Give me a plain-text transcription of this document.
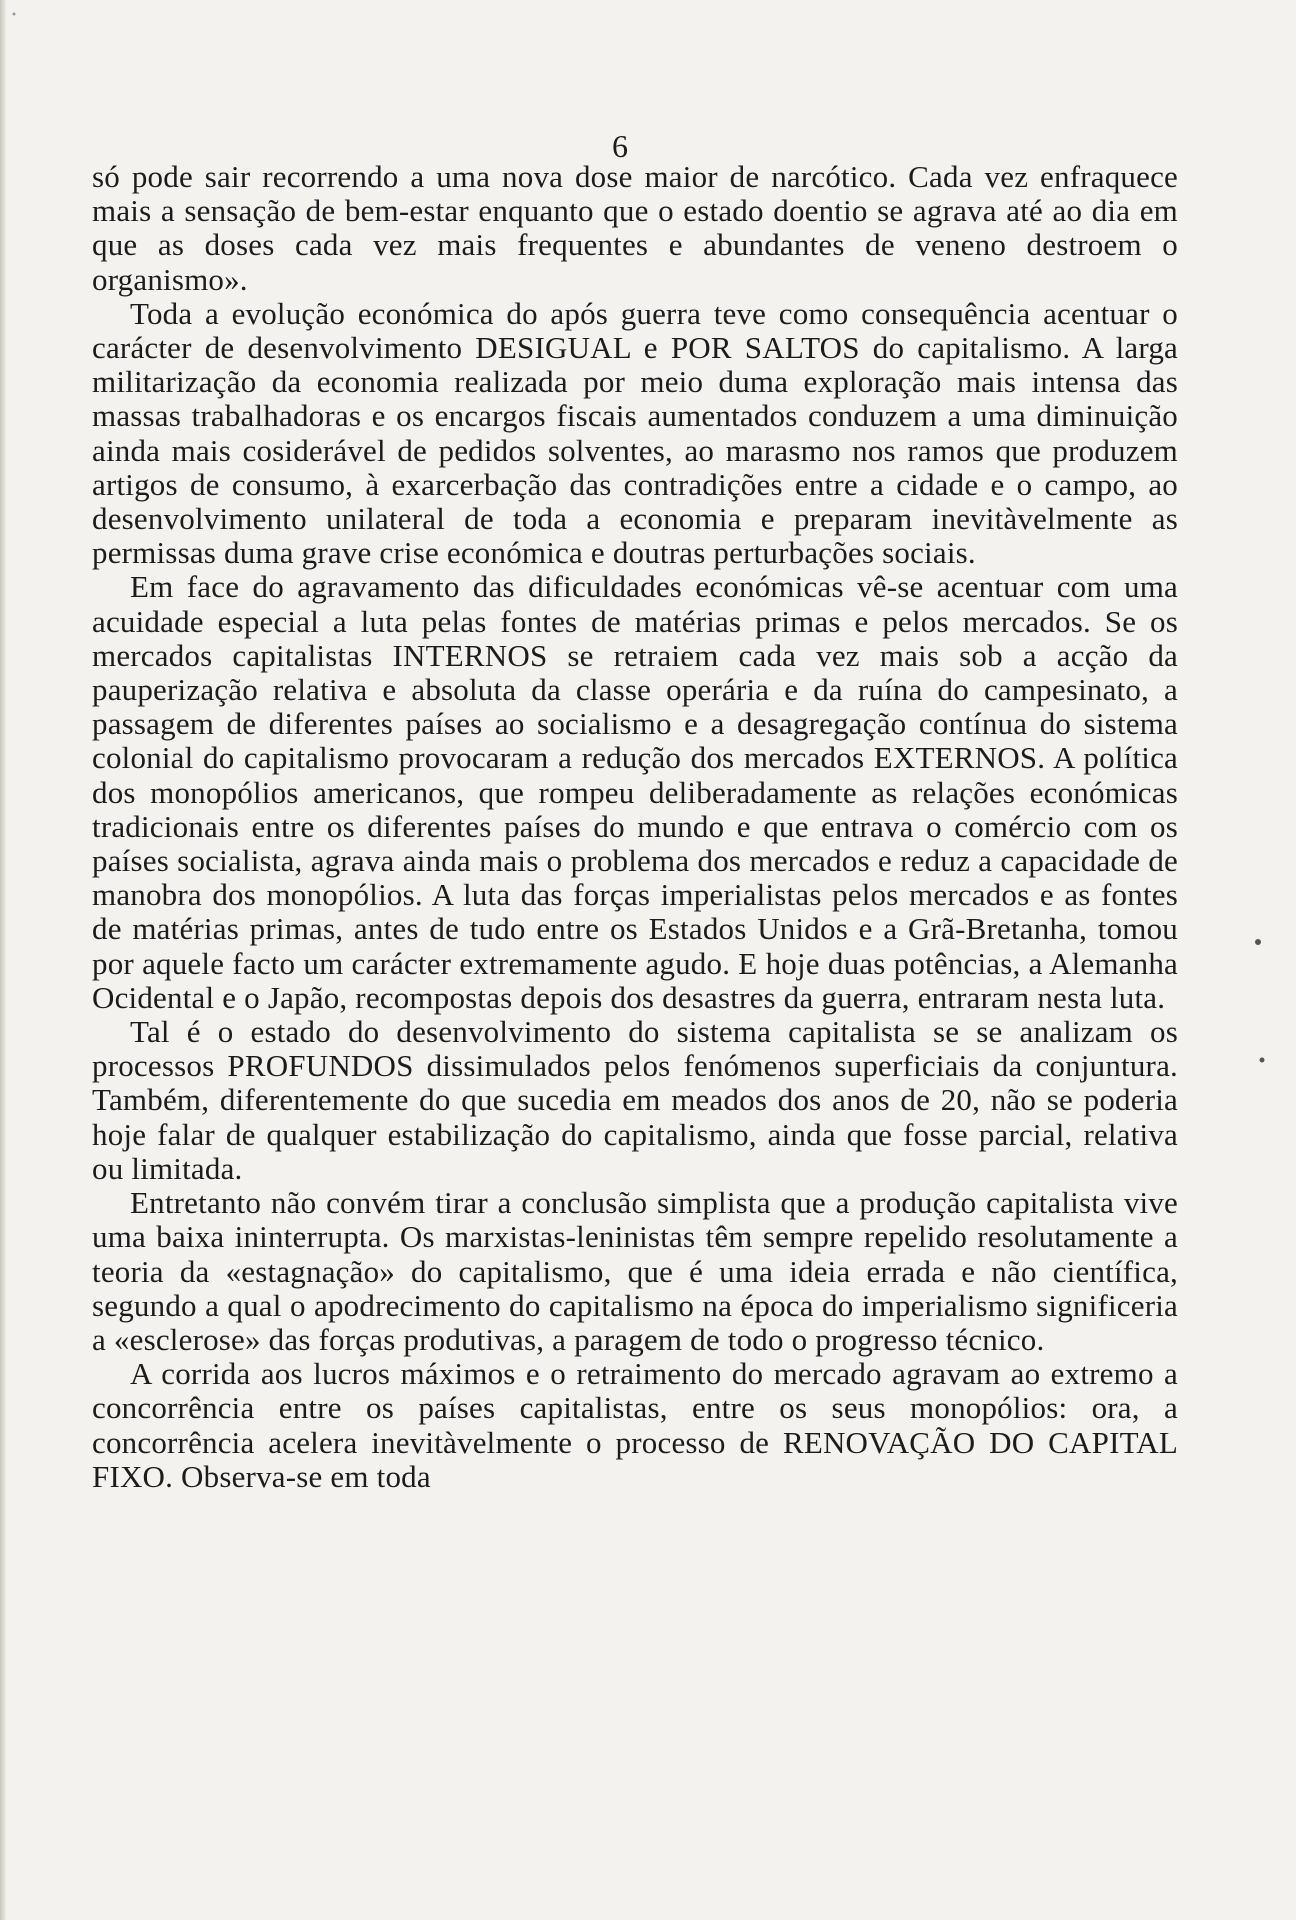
6

só pode sair recorrendo a uma nova dose maior de narcótico. Cada vez enfraquece mais a sensação de bem-estar enquanto que o estado doentio se agrava até ao dia em que as doses cada vez mais frequentes e abundantes de veneno destroem o organismo».

Toda a evolução económica do após guerra teve como consequência acentuar o carácter de desenvolvimento DESIGUAL e POR SALTOS do capitalismo. A larga militarização da economia realizada por meio duma exploração mais intensa das massas trabalhadoras e os encargos fiscais aumentados conduzem a uma diminuição ainda mais cosiderável de pedidos solventes, ao marasmo nos ramos que produzem artigos de consumo, à exarcerbação das contradições entre a cidade e o campo, ao desenvolvimento unilateral de toda a economia e preparam inevitàvelmente as permissas duma grave crise económica e doutras perturbações sociais.

Em face do agravamento das dificuldades económicas vê-se acentuar com uma acuidade especial a luta pelas fontes de matérias primas e pelos mercados. Se os mercados capitalistas INTERNOS se retraiem cada vez mais sob a acção da pauperização relativa e absoluta da classe operária e da ruína do campesinato, a passagem de diferentes países ao socialismo e a desagregação contínua do sistema colonial do capitalismo provocaram a redução dos mercados EXTERNOS. A política dos monopólios americanos, que rompeu deliberadamente as relações económicas tradicionais entre os diferentes países do mundo e que entrava o comércio com os países socialista, agrava ainda mais o problema dos mercados e reduz a capacidade de manobra dos monopólios. A luta das forças imperialistas pelos mercados e as fontes de matérias primas, antes de tudo entre os Estados Unidos e a Grã-Bretanha, tomou por aquele facto um carácter extremamente agudo. E hoje duas potências, a Alemanha Ocidental e o Japão, recompostas depois dos desastres da guerra, entraram nesta luta.

Tal é o estado do desenvolvimento do sistema capitalista se se analizam os processos PROFUNDOS dissimulados pelos fenómenos superficiais da conjuntura. Também, diferentemente do que sucedia em meados dos anos de 20, não se poderia hoje falar de qualquer estabilização do capitalismo, ainda que fosse parcial, relativa ou limitada.

Entretanto não convém tirar a conclusão simplista que a produção capitalista vive uma baixa ininterrupta. Os marxistas-leninistas têm sempre repelido resolutamente a teoria da «estagnação» do capitalismo, que é uma ideia errada e não científica, segundo a qual o apodrecimento do capitalismo na época do imperialismo significeria a «esclerose» das forças produtivas, a paragem de todo o progresso técnico.

A corrida aos lucros máximos e o retraimento do mercado agravam ao extremo a concorrência entre os países capitalistas, entre os seus monopólios: ora, a concorrência acelera inevitàvelmente o processo de RENOVAÇÃO DO CAPITAL FIXO. Observa-se em toda
